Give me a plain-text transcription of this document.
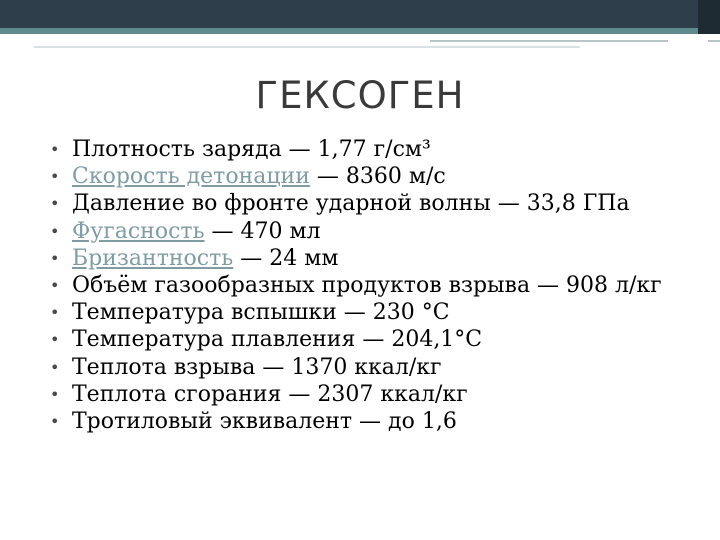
ГЕКСОГЕН
• Плотность заряда — 1,77 г/см³
• Скорость детонации — 8360 м/с
• Давление во фронте ударной волны — 33,8 ГПа
• Фугасность — 470 мл
• Бризантность — 24 мм
• Объём газообразных продуктов взрыва — 908 л/кг
• Температура вспышки — 230 °С
• Температура плавления — 204,1°С
• Теплота взрыва — 1370 ккал/кг
• Теплота сгорания — 2307 ккал/кг
• Тротиловый эквивалент — до 1,6
